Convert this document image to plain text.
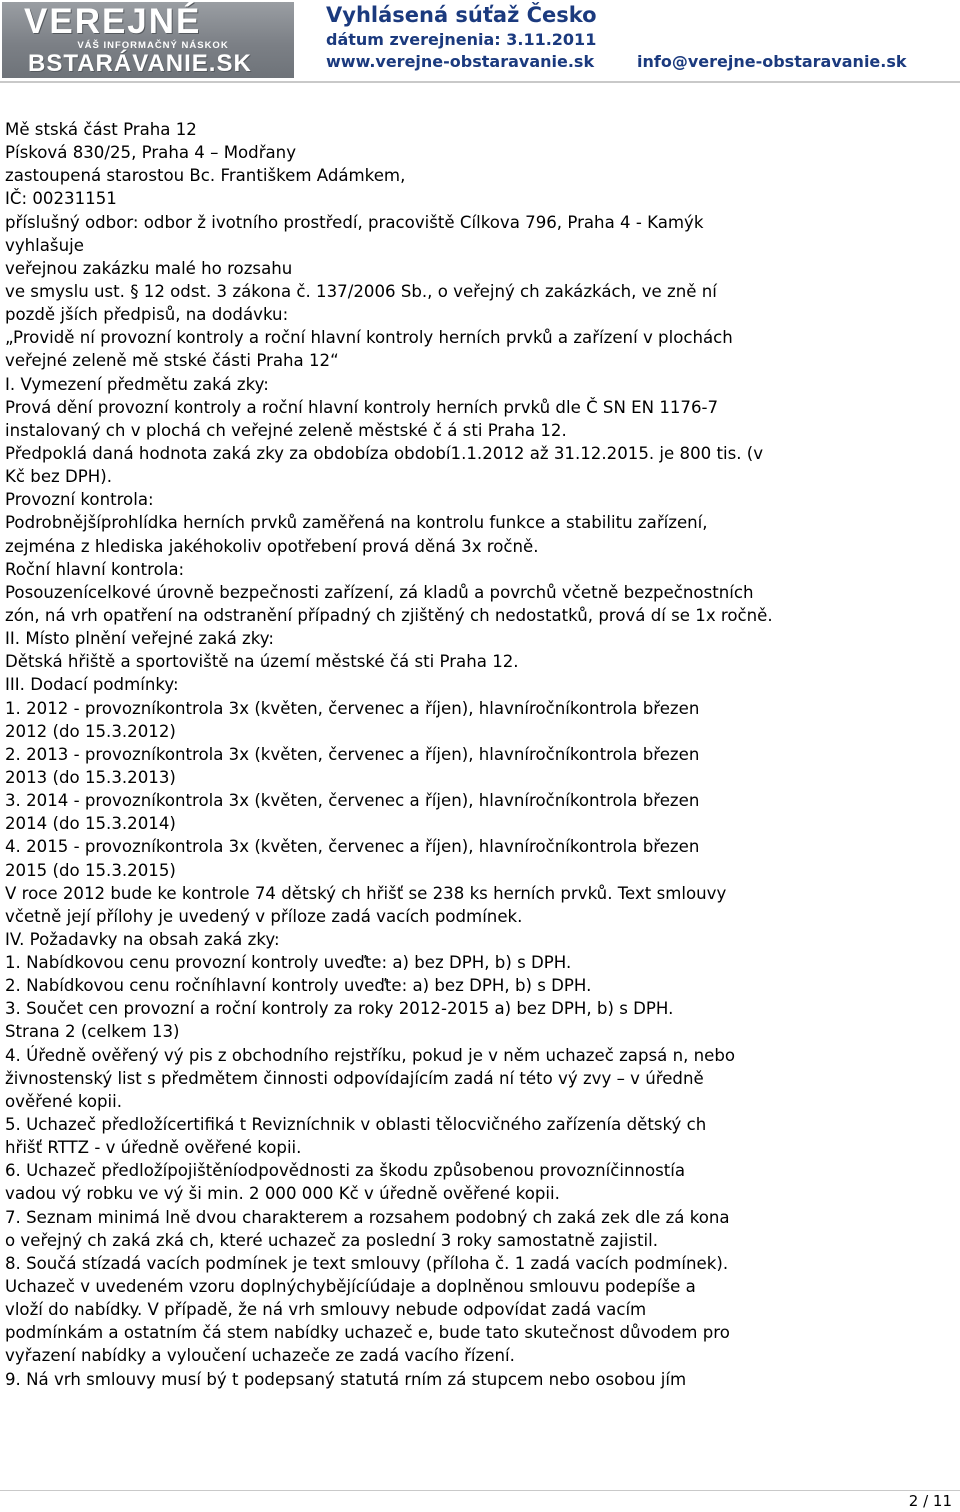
VEREJNÉ
VÁŠ INFORMAČNÝ NÁSKOK
BSTARÁVANIE.SK
Vyhlásená súťaž Česko
dátum zverejnenia: 3.11.2011
www.verejne-obstaravanie.sk	info@verejne-obstaravanie.sk
Mě stská část Praha 12
Písková 830/25, Praha 4 – Modřany
zastoupená starostou Bc. Františkem Adámkem,
IČ: 00231151
příslušný odbor: odbor ž ivotního prostředí, pracoviště Cílkova 796, Praha 4 - Kamýk
vyhlašuje
veřejnou zakázku malé ho rozsahu
ve smyslu ust. § 12 odst. 3 zákona č. 137/2006 Sb., o veřejný ch zakázkách, ve zně ní
pozdě jších předpisů, na dodávku:
„Providě ní provozní kontroly a roční hlavní kontroly herních prvků a zařízení v plochách
veřejné zeleně mě stské části Praha 12“
I. Vymezení předmětu zaká zky:
Prová dění provozní kontroly a roční hlavní kontroly herních prvků dle Č SN EN 1176-7
instalovaný ch v plochá ch veřejné zeleně městské č á sti Praha 12.
Předpoklá daná hodnota zaká zky za obdobíza období1.1.2012 až 31.12.2015. je 800 tis. (v
Kč bez DPH).
Provozní kontrola:
Podrobnějšíprohlídka herních prvků zaměřená na kontrolu funkce a stabilitu zařízení,
zejména z hlediska jakéhokoliv opotřebení prová děná 3x ročně.
Roční hlavní kontrola:
Posouzenícelkové úrovně bezpečnosti zařízení, zá kladů a povrchů včetně bezpečnostních
zón, ná vrh opatření na odstranění případný ch zjištěný ch nedostatků, prová dí se 1x ročně.
II. Místo plnění veřejné zaká zky:
Dětská hřiště a sportoviště na území městské čá sti Praha 12.
III. Dodací podmínky:
1. 2012 - provozníkontrola 3x (květen, červenec a říjen), hlavníročníkontrola březen
2012 (do 15.3.2012)
2. 2013 - provozníkontrola 3x (květen, červenec a říjen), hlavníročníkontrola březen
2013 (do 15.3.2013)
3. 2014 - provozníkontrola 3x (květen, červenec a říjen), hlavníročníkontrola březen
2014 (do 15.3.2014)
4. 2015 - provozníkontrola 3x (květen, červenec a říjen), hlavníročníkontrola březen
2015 (do 15.3.2015)
V roce 2012 bude ke kontrole 74 dětský ch hřišť se 238 ks herních prvků. Text smlouvy
včetně její přílohy je uvedený v příloze zadá vacích podmínek.
IV. Požadavky na obsah zaká zky:
1. Nabídkovou cenu provozní kontroly uveďte: a) bez DPH, b) s DPH.
2. Nabídkovou cenu ročníhlavní kontroly uveďte: a) bez DPH, b) s DPH.
3. Součet cen provozní a roční kontroly za roky 2012-2015 a) bez DPH, b) s DPH.
Strana 2 (celkem 13)
4. Úředně ověřený vý pis z obchodního rejstříku, pokud je v něm uchazeč zapsá n, nebo
živnostenský list s předmětem činnosti odpovídajícím zadá ní této vý zvy – v úředně
ověřené kopii.
5. Uchazeč předložícertifiká t Revizníchnik v oblasti tělocvičného zařízenía dětský ch
hřišť RTTZ - v úředně ověřené kopii.
6. Uchazeč předložípojištěníodpovědnosti za škodu způsobenou provozníčinnostía
vadou vý robku ve vý ši min. 2 000 000 Kč v úředně ověřené kopii.
7. Seznam minimá lně dvou charakterem a rozsahem podobný ch zaká zek dle zá kona
o veřejný ch zaká zká ch, které uchazeč za poslední 3 roky samostatně zajistil.
8. Součá stízadá vacích podmínek je text smlouvy (příloha č. 1 zadá vacích podmínek).
Uchazeč v uvedeném vzoru doplnýchybějícíúdaje a doplněnou smlouvu podepíše a
vloží do nabídky. V případě, že ná vrh smlouvy nebude odpovídat zadá vacím
podmínkám a ostatním čá stem nabídky uchazeč e, bude tato skutečnost důvodem pro
vyřazení nabídky a vyloučení uchazeče ze zadá vacího řízení.
9. Ná vrh smlouvy musí bý t podepsaný statutá rním zá stupcem nebo osobou jím
2 / 11
